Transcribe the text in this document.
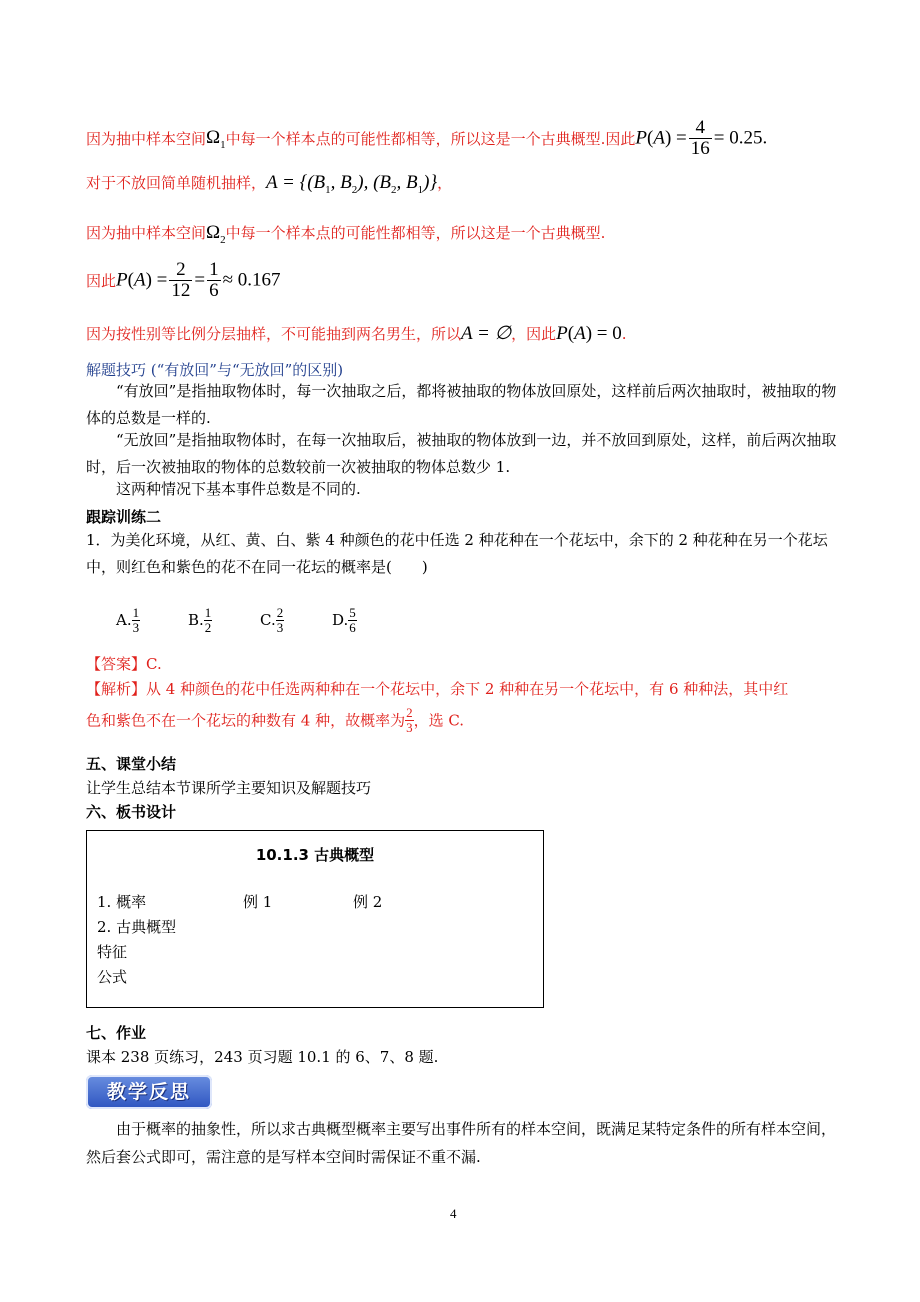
因为抽中样本空间$\Omega_1$中每一个样本点的可能性都相等，所以这是一个古典概型.因此$P(A) = \frac{4}{16} = 0.25$.
对于不放回简单随机抽样，$A = \{(B_1$, $B_2$), ($B_2$, $B_1$)}，
因为抽中样本空间$\Omega_2$中每一个样本点的可能性都相等，所以这是一个古典概型.
因此$P(A) = \frac{2}{12} = \frac{1}{6} \approx 0.167$
因为按性别等比例分层抽样，不可能抽到两名男生，所以A = ∅，因此P(A) = 0.
解题技巧 (“有放回”与“无放回”的区别)
“有放回”是指抽取物体时，每一次抽取之后，都将被抽取的物体放回原处，这样前后两次抽取时，被抽取的物体的总数是一样的.
“无放回”是指抽取物体时，在每一次抽取后，被抽取的物体放到一边，并不放回到原处，这样，前后两次抽取时，后一次被抽取的物体的总数较前一次被抽取的物体总数少 1.
这两种情况下基本事件总数是不同的.
跟踪训练二
1．为美化环境，从红、黄、白、紫 4 种颜色的花中任选 2 种花种在一个花坛中，余下的 2 种花种在另一个花坛中，则红色和紫色的花不在同一花坛的概率是(　　)
A. $\frac{1}{3}$	B. $\frac{1}{2}$	C. $\frac{2}{3}$	D. $\frac{5}{6}$
【答案】C.
【解析】从 4 种颜色的花中任选两种种在一个花坛中，余下 2 种种在另一个花坛中，有 6 种种法，其中红
色和紫色不在一个花坛的种数有 4 种，故概率为 $\frac{2}{3}$ ，选 C.
五、课堂小结
让学生总结本节课所学主要知识及解题技巧
六、板书设计
10.1.3 古典概型
1. 概率	例 1	例 2
2. 古典概型
特征
公式
七、作业
课本 238 页练习，243 页习题 10.1 的 6、7、8 题.
教学反思
由于概率的抽象性，所以求古典概型概率主要写出事件所有的样本空间，既满足某特定条件的所有样本空间，然后套公式即可，需注意的是写样本空间时需保证不重不漏.
4
